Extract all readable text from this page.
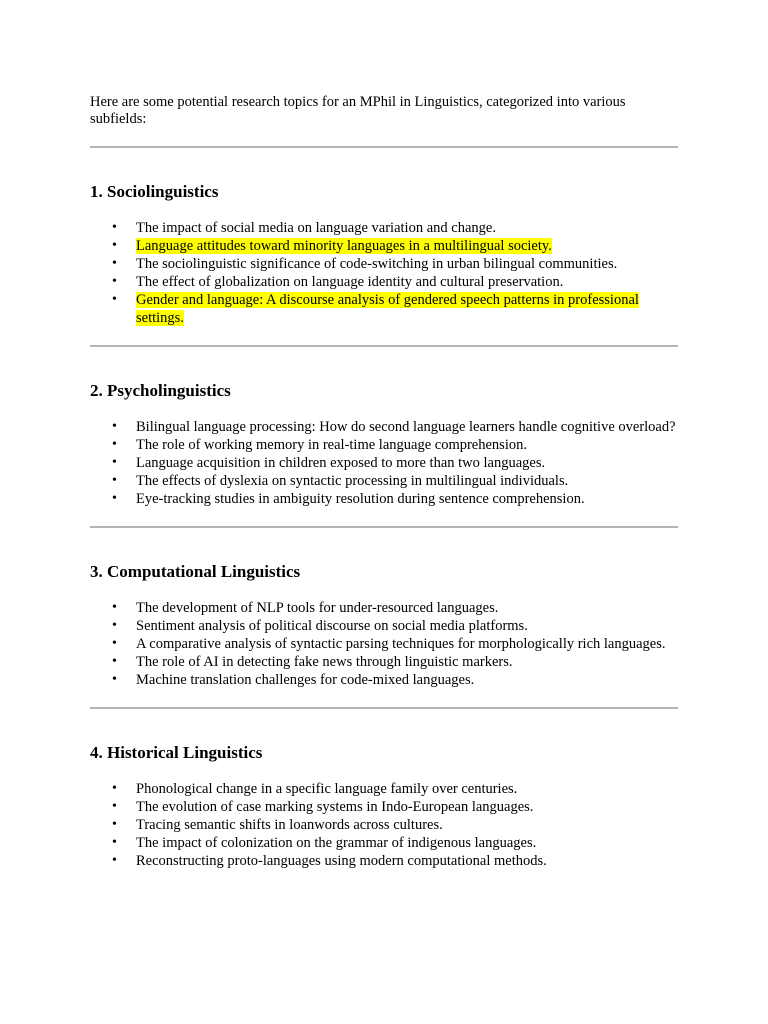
Here are some potential research topics for an MPhil in Linguistics, categorized into various subfields:

1. Sociolinguistics
• The impact of social media on language variation and change.
• Language attitudes toward minority languages in a multilingual society.
• The sociolinguistic significance of code-switching in urban bilingual communities.
• The effect of globalization on language identity and cultural preservation.
• Gender and language: A discourse analysis of gendered speech patterns in professional settings.
2. Psycholinguistics
• Bilingual language processing: How do second language learners handle cognitive overload?
• The role of working memory in real-time language comprehension.
• Language acquisition in children exposed to more than two languages.
• The effects of dyslexia on syntactic processing in multilingual individuals.
• Eye-tracking studies in ambiguity resolution during sentence comprehension.
3. Computational Linguistics
• The development of NLP tools for under-resourced languages.
• Sentiment analysis of political discourse on social media platforms.
• A comparative analysis of syntactic parsing techniques for morphologically rich languages.
• The role of AI in detecting fake news through linguistic markers.
• Machine translation challenges for code-mixed languages.
4. Historical Linguistics
• Phonological change in a specific language family over centuries.
• The evolution of case marking systems in Indo-European languages.
• Tracing semantic shifts in loanwords across cultures.
• The impact of colonization on the grammar of indigenous languages.
• Reconstructing proto-languages using modern computational methods.
